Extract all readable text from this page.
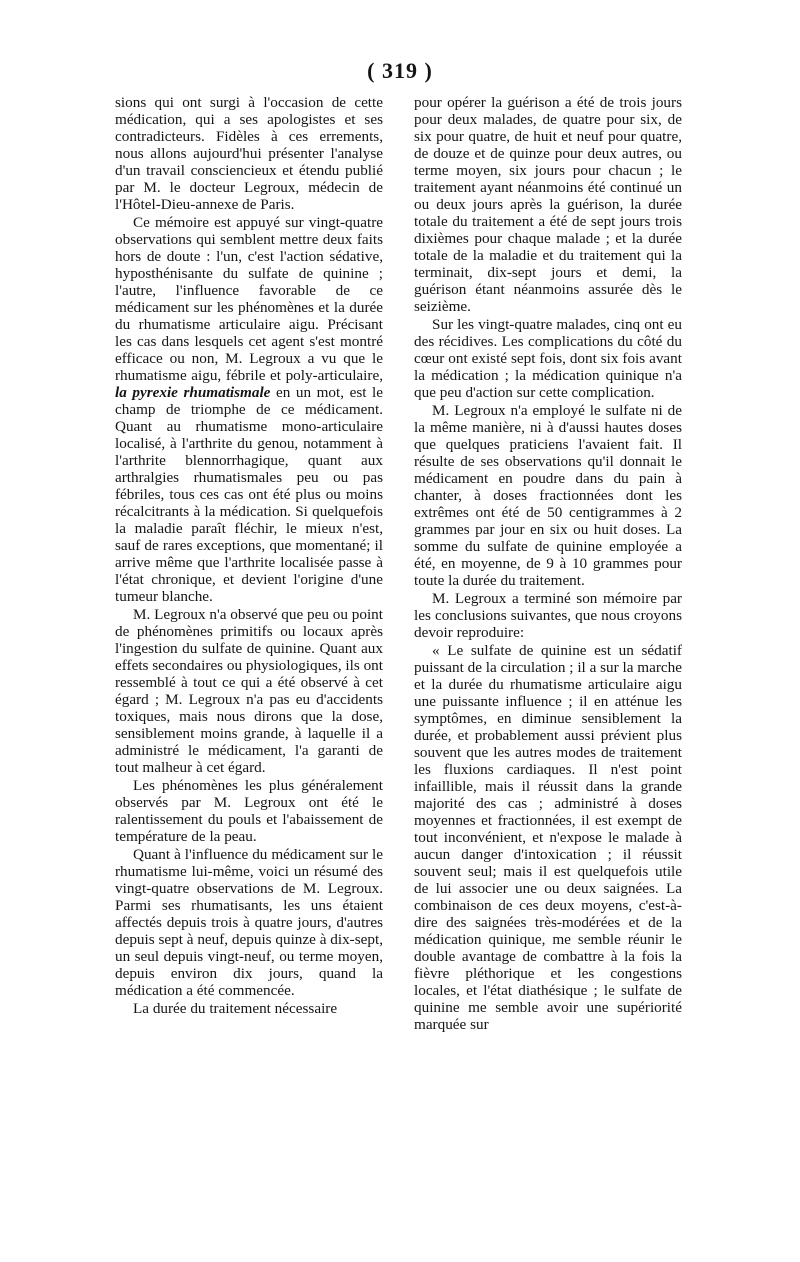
( 319 )

sions qui ont surgi à l'occasion de cette médication, qui a ses apologistes et ses contradicteurs. Fidèles à ces errements, nous allons aujourd'hui présenter l'analyse d'un travail consciencieux et étendu publié par M. le docteur Legroux, médecin de l'Hôtel-Dieu-annexe de Paris.

Ce mémoire est appuyé sur vingt-quatre observations qui semblent mettre deux faits hors de doute : l'un, c'est l'action sédative, hyposthénisante du sulfate de quinine ; l'autre, l'influence favorable de ce médicament sur les phénomènes et la durée du rhumatisme articulaire aigu. Précisant les cas dans lesquels cet agent s'est montré efficace ou non, M. Legroux a vu que le rhumatisme aigu, fébrile et poly-articulaire, la pyrexie rhumatismale en un mot, est le champ de triomphe de ce médicament. Quant au rhumatisme mono-articulaire localisé, à l'arthrite du genou, notamment à l'arthrite blennorrhagique, quant aux arthralgies rhumatismales peu ou pas fébriles, tous ces cas ont été plus ou moins récalcitrants à la médication. Si quelquefois la maladie paraît fléchir, le mieux n'est, sauf de rares exceptions, que momentané; il arrive même que l'arthrite localisée passe à l'état chronique, et devient l'origine d'une tumeur blanche.

M. Legroux n'a observé que peu ou point de phénomènes primitifs ou locaux après l'ingestion du sulfate de quinine. Quant aux effets secondaires ou physiologiques, ils ont ressemblé à tout ce qui a été observé à cet égard ; M. Legroux n'a pas eu d'accidents toxiques, mais nous dirons que la dose, sensiblement moins grande, à laquelle il a administré le médicament, l'a garanti de tout malheur à cet égard.

Les phénomènes les plus généralement observés par M. Legroux ont été le ralentissement du pouls et l'abaissement de température de la peau.

Quant à l'influence du médicament sur le rhumatisme lui-même, voici un résumé des vingt-quatre observations de M. Legroux. Parmi ses rhumatisants, les uns étaient affectés depuis trois à quatre jours, d'autres depuis sept à neuf, depuis quinze à dix-sept, un seul depuis vingt-neuf, ou terme moyen, depuis environ dix jours, quand la médication a été commencée.

La durée du traitement nécessaire

pour opérer la guérison a été de trois jours pour deux malades, de quatre pour six, de six pour quatre, de huit et neuf pour quatre, de douze et de quinze pour deux autres, ou terme moyen, six jours pour chacun ; le traitement ayant néanmoins été continué un ou deux jours après la guérison, la durée totale du traitement a été de sept jours trois dixièmes pour chaque malade ; et la durée totale de la maladie et du traitement qui la terminait, dix-sept jours et demi, la guérison étant néanmoins assurée dès le seizième.

Sur les vingt-quatre malades, cinq ont eu des récidives. Les complications du côté du cœur ont existé sept fois, dont six fois avant la médication ; la médication quinique n'a que peu d'action sur cette complication.

M. Legroux n'a employé le sulfate ni de la même manière, ni à d'aussi hautes doses que quelques praticiens l'avaient fait. Il résulte de ses observations qu'il donnait le médicament en poudre dans du pain à chanter, à doses fractionnées dont les extrêmes ont été de 50 centigrammes à 2 grammes par jour en six ou huit doses. La somme du sulfate de quinine employée a été, en moyenne, de 9 à 10 grammes pour toute la durée du traitement.

M. Legroux a terminé son mémoire par les conclusions suivantes, que nous croyons devoir reproduire:

« Le sulfate de quinine est un sédatif puissant de la circulation ; il a sur la marche et la durée du rhumatisme articulaire aigu une puissante influence ; il en atténue les symptômes, en diminue sensiblement la durée, et probablement aussi prévient plus souvent que les autres modes de traitement les fluxions cardiaques. Il n'est point infaillible, mais il réussit dans la grande majorité des cas ; administré à doses moyennes et fractionnées, il est exempt de tout inconvénient, et n'expose le malade à aucun danger d'intoxication ; il réussit souvent seul; mais il est quelquefois utile de lui associer une ou deux saignées. La combinaison de ces deux moyens, c'est-à-dire des saignées très-modérées et de la médication quinique, me semble réunir le double avantage de combattre à la fois la fièvre pléthorique et les congestions locales, et l'état diathésique ; le sulfate de quinine me semble avoir une supériorité marquée sur
